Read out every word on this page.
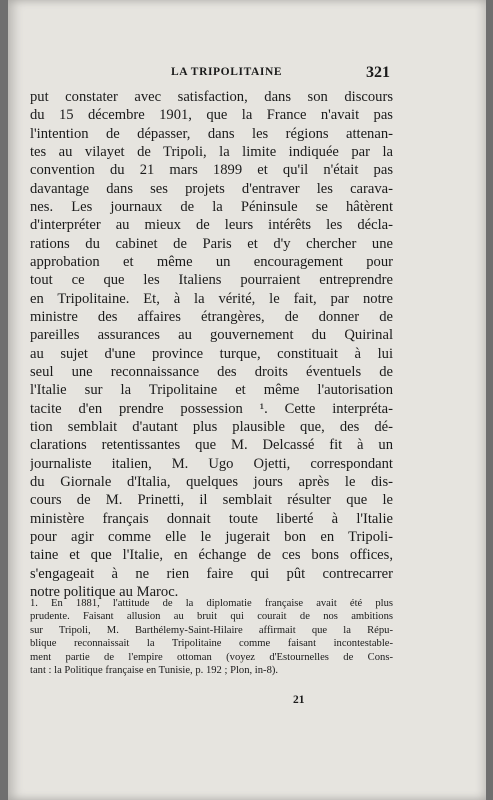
LA TRIPOLITAINE	321
put constater avec satisfaction, dans son discours
du 15 décembre 1901, que la France n'avait pas
l'intention de dépasser, dans les régions attenan-
tes au vilayet de Tripoli, la limite indiquée par la
convention du 21 mars 1899 et qu'il n'était pas
davantage dans ses projets d'entraver les carava-
nes. Les journaux de la Péninsule se hâtèrent
d'interpréter au mieux de leurs intérêts les décla-
rations du cabinet de Paris et d'y chercher une
approbation et même un encouragement pour
tout ce que les Italiens pourraient entreprendre
en Tripolitaine. Et, à la vérité, le fait, par notre
ministre des affaires étrangères, de donner de
pareilles assurances au gouvernement du Quirinal
au sujet d'une province turque, constituait à lui
seul une reconnaissance des droits éventuels de
l'Italie sur la Tripolitaine et même l'autorisation
tacite d'en prendre possession ¹. Cette interpréta-
tion semblait d'autant plus plausible que, des dé-
clarations retentissantes que M. Delcassé fit à un
journaliste italien, M. Ugo Ojetti, correspondant
du Giornale d'Italia, quelques jours après le dis-
cours de M. Prinetti, il semblait résulter que le
ministère français donnait toute liberté à l'Italie
pour agir comme elle le jugerait bon en Tripoli-
taine et que l'Italie, en échange de ces bons offices,
s'engageait à ne rien faire qui pût contrecarrer
notre politique au Maroc.
1. En 1881, l'attitude de la diplomatie française avait été plus
prudente. Faisant allusion au bruit qui courait de nos ambitions
sur Tripoli, M. Barthélemy-Saint-Hilaire affirmait que la Répu-
blique reconnaissait la Tripolitaine comme faisant incontestable-
ment partie de l'empire ottoman (voyez d'Estournelles de Cons-
tant : la Politique française en Tunisie, p. 192 ; Plon, in-8).
21
